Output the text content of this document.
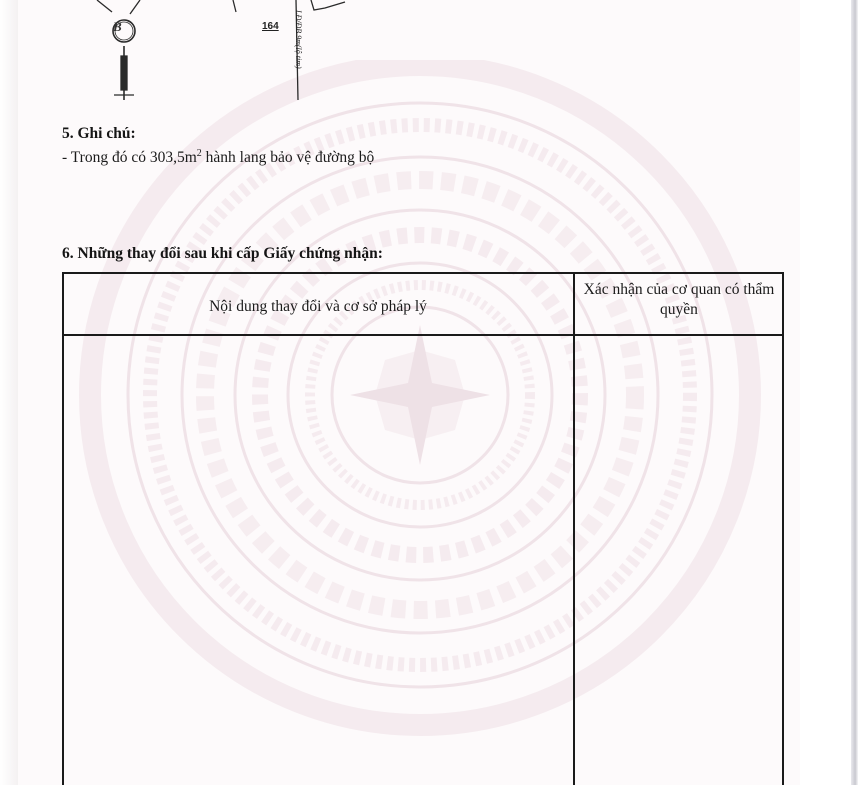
B	164 LĐ/ĐB 9m(lộ tim)
5. Ghi chú:
- Trong đó có $303,5m^2$ hành lang bảo vệ đường bộ
6. Những thay đổi sau khi cấp Giấy chứng nhận:
Nội dung thay đổi và cơ sở pháp lý
Xác nhận của cơ quan có thẩm quyền
